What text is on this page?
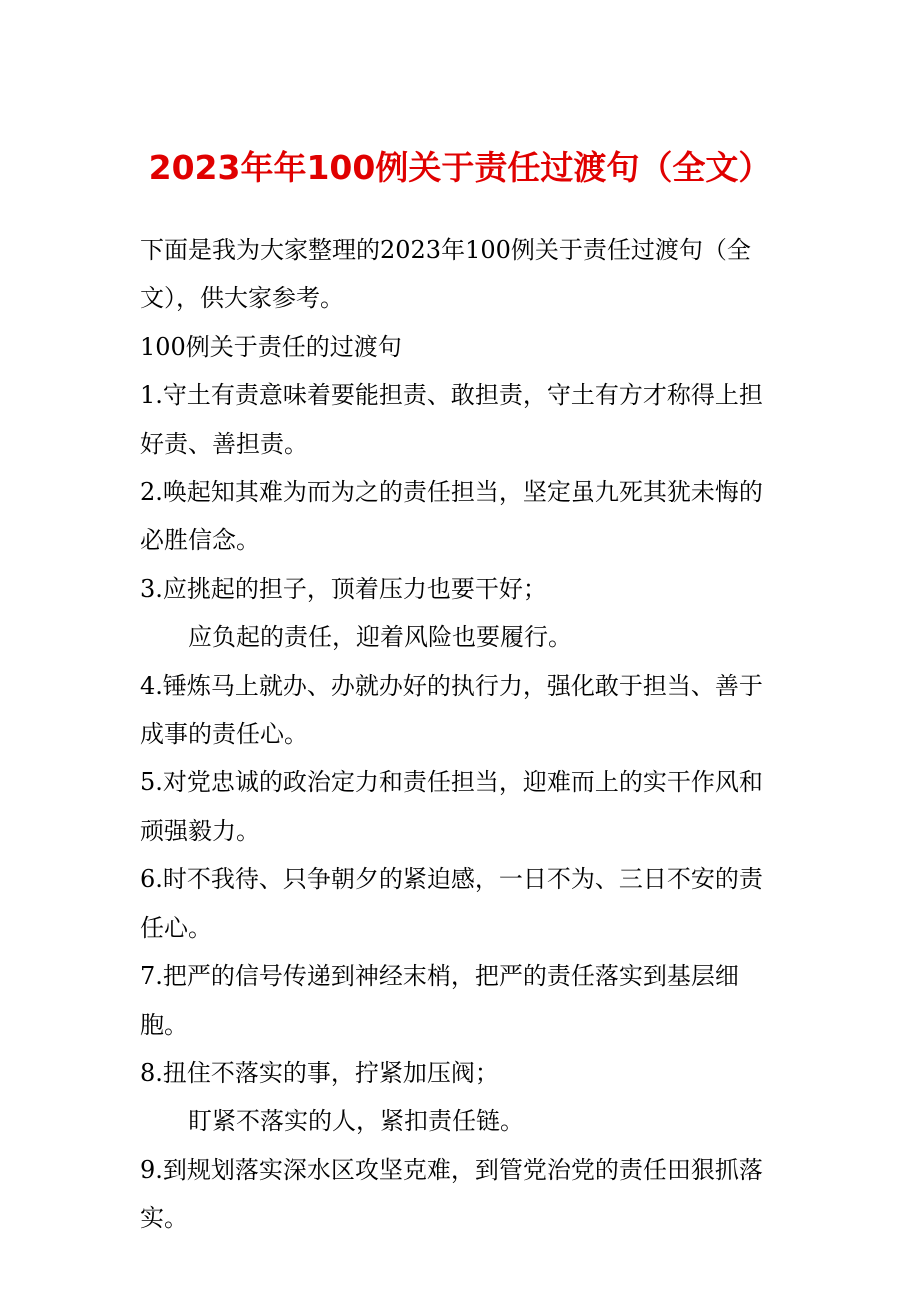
2023年年100例关于责任过渡句（全文）

下面是我为大家整理的2023年100例关于责任过渡句（全文），供大家参考。

100例关于责任的过渡句

1.守土有责意味着要能担责、敢担责，守土有方才称得上担好责、善担责。

2.唤起知其难为而为之的责任担当，坚定虽九死其犹未悔的必胜信念。

3.应挑起的担子，顶着压力也要干好；

应负起的责任，迎着风险也要履行。

4.锤炼马上就办、办就办好的执行力，强化敢于担当、善于成事的责任心。

5.对党忠诚的政治定力和责任担当，迎难而上的实干作风和顽强毅力。

6.时不我待、只争朝夕的紧迫感，一日不为、三日不安的责任心。

7.把严的信号传递到神经末梢，把严的责任落实到基层细胞。

8.扭住不落实的事，拧紧加压阀；

盯紧不落实的人，紧扣责任链。

9.到规划落实深水区攻坚克难，到管党治党的责任田狠抓落实。
